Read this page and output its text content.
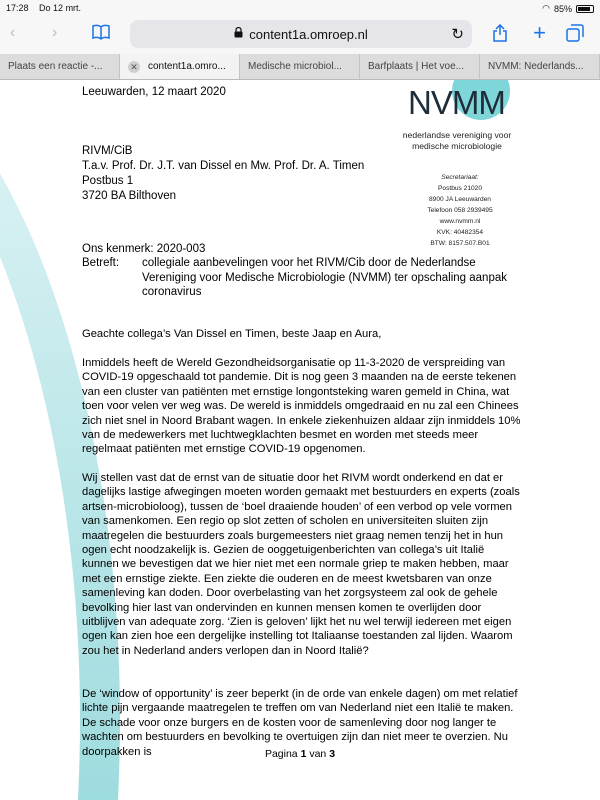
17:28 Do 12 mrt.	◠ 85%
‹ ›	content1a.omroep.nl	↻	+
Plaats een reactie -...	✕ content1a.omro...	Medische microbiol...	Barfplaats | Het voe...	NVMM: Nederlands...
NVMM
nederlandse vereniging voor medische microbiologie
Secretariaat:
Postbus 21020
8900 JA Leeuwarden
Telefoon 058 2939495
www.nvmm.nl
KVK: 40482354
BTW: 8157.507.B01
Leeuwarden, 12 maart 2020
RIVM/CiB
T.a.v. Prof. Dr. J.T. van Dissel en Mw. Prof. Dr. A. Timen
Postbus 1
3720 BA Bilthoven
Ons kenmerk: 2020-003
Betreft:	collegiale aanbevelingen voor het RIVM/Cib door de Nederlandse Vereniging voor Medische Microbiologie (NVMM) ter opschaling aanpak coronavirus
Geachte collega’s Van Dissel en Timen, beste Jaap en Aura,
Inmiddels heeft de Wereld Gezondheidsorganisatie op 11-3-2020 de verspreiding van COVID-19 opgeschaald tot pandemie. Dit is nog geen 3 maanden na de eerste tekenen van een cluster van patiënten met ernstige longontsteking waren gemeld in China, wat toen voor velen ver weg was. De wereld is inmiddels omgedraaid en nu zal een Chinees zich niet snel in Noord Brabant wagen. In enkele ziekenhuizen aldaar zijn inmiddels 10% van de medewerkers met luchtwegklachten besmet en worden met steeds meer regelmaat patiënten met ernstige COVID-19 opgenomen.
Wij stellen vast dat de ernst van de situatie door het RIVM wordt onderkend en dat er dagelijks lastige afwegingen moeten worden gemaakt met bestuurders en experts (zoals artsen-microbioloog), tussen de ‘boel draaiende houden’ of een verbod op vele vormen van samenkomen. Een regio op slot zetten of scholen en universiteiten sluiten zijn maatregelen die bestuurders zoals burgemeesters niet graag nemen tenzij het in hun ogen echt noodzakelijk is. Gezien de ooggetuigenberichten van collega’s uit Italië kunnen we bevestigen dat we hier niet met een normale griep te maken hebben, maar met een ernstige ziekte. Een ziekte die ouderen en de meest kwetsbaren van onze samenleving kan doden. Door overbelasting van het zorgsysteem zal ook de gehele bevolking hier last van ondervinden en kunnen mensen komen te overlijden door uitblijven van adequate zorg. ‘Zien is geloven’ lijkt het nu wel terwijl iedereen met eigen ogen kan zien hoe een dergelijke instelling tot Italiaanse toestanden zal lijden. Waarom zou het in Nederland anders verlopen dan in Noord Italië?
De ‘window of opportunity’ is zeer beperkt (in de orde van enkele dagen) om met relatief lichte pijn vergaande maatregelen te treffen om van Nederland niet een Italië te maken. De schade voor onze burgers en de kosten voor de samenleving door nog langer te wachten om bestuurders en bevolking te overtuigen zijn dan niet meer te overzien. Nu doorpakken is	Pagina 1 van 3
